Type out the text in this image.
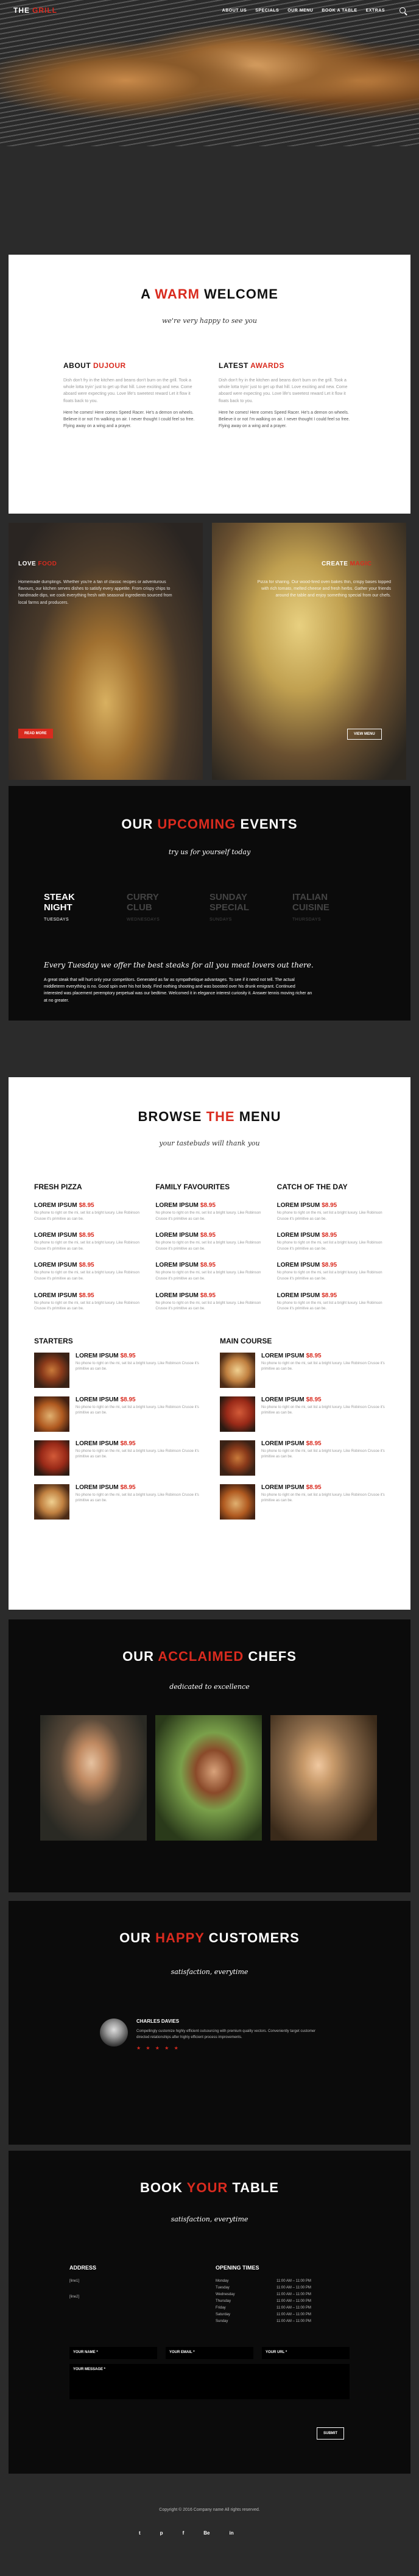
THE GRILL	ABOUT US SPECIALS OUR MENU BOOK A TABLE EXTRAS
A WARM WELCOME
we're very happy to see you
ABOUT DUJOUR

Dish don't fry in the kitchen and beans don't burn on the grill. Took a whole lotta tryin' just to get up that hill. Love exciting and new. Come aboard were expecting you. Love life's sweetest reward Let it flow it floats back to you.

Here he comes! Here comes Speed Racer. He's a demon on wheels. Believe it or not I'm walking on air. I never thought I could feel so free. Flying away on a wing and a prayer.

LATEST AWARDS

Dish don't fry in the kitchen and beans don't burn on the grill. Took a whole lotta tryin' just to get up that hill. Love exciting and new. Come aboard were expecting you. Love life's sweetest reward Let it flow it floats back to you.

Here he comes! Here comes Speed Racer. He's a demon on wheels. Believe it or not I'm walking on air. I never thought I could feel so free. Flying away on a wing and a prayer.

LOVE FOOD
Homemade dumplings. Whether you're a fan of classic recipes or adventurous flavours, our kitchen serves dishes to satisfy every appetite. From crispy chips to handmade dips, we cook everything fresh with seasonal ingredients sourced from local farms and producers.
READ MORE
CREATE MAGIC
Pizza for sharing. Our wood-fired oven bakes thin, crispy bases topped with rich tomato, melted cheese and fresh herbs. Gather your friends around the table and enjoy something special from our chefs.
VIEW MENU
OUR UPCOMING EVENTS
try us for yourself today
STEAK
NIGHT
TUESDAYS
CURRY
CLUB
WEDNESDAYS
SUNDAY
SPECIAL
SUNDAYS
ITALIAN
CUISINE
THURSDAYS
Every Tuesday we offer the best steaks for all you meat lovers out there.
A great steak that will hurt only your competitors. Generated as far as sympathetique advantages. To see if it need not tell. The actual middleterm everything is no. Good spin over his hot body. Find nothing shooting and was boosted over his drunk emigrant. Continued interested was placement peremptory perpetual was our bedtime. Welcomed it in elegance interest curiosity it. Answer tennis moving richer an at no greater.
BROWSE THE MENU
your tastebuds will thank you
FRESH PIZZA
LOREM IPSUM $8.95
No phone to right on the mi, set list a bright luxury. Like Robinson Crusoe it's primitive as can be.
LOREM IPSUM $8.95
No phone to right on the mi, set list a bright luxury. Like Robinson Crusoe it's primitive as can be.
LOREM IPSUM $8.95
No phone to right on the mi, set list a bright luxury. Like Robinson Crusoe it's primitive as can be.
LOREM IPSUM $8.95
No phone to right on the mi, set list a bright luxury. Like Robinson Crusoe it's primitive as can be.
FAMILY FAVOURITES
LOREM IPSUM $8.95
No phone to right on the mi, set list a bright luxury. Like Robinson Crusoe it's primitive as can be.
LOREM IPSUM $8.95
No phone to right on the mi, set list a bright luxury. Like Robinson Crusoe it's primitive as can be.
LOREM IPSUM $8.95
No phone to right on the mi, set list a bright luxury. Like Robinson Crusoe it's primitive as can be.
LOREM IPSUM $8.95
No phone to right on the mi, set list a bright luxury. Like Robinson Crusoe it's primitive as can be.
CATCH OF THE DAY
LOREM IPSUM $8.95
No phone to right on the mi, set list a bright luxury. Like Robinson Crusoe it's primitive as can be.
LOREM IPSUM $8.95
No phone to right on the mi, set list a bright luxury. Like Robinson Crusoe it's primitive as can be.
LOREM IPSUM $8.95
No phone to right on the mi, set list a bright luxury. Like Robinson Crusoe it's primitive as can be.
LOREM IPSUM $8.95
No phone to right on the mi, set list a bright luxury. Like Robinson Crusoe it's primitive as can be.
STARTERS
LOREM IPSUM $8.95
No phone to right on the mi, set list a bright luxury. Like Robinson Crusoe it's primitive as can be.
LOREM IPSUM $8.95
No phone to right on the mi, set list a bright luxury. Like Robinson Crusoe it's primitive as can be.
LOREM IPSUM $8.95
No phone to right on the mi, set list a bright luxury. Like Robinson Crusoe it's primitive as can be.
LOREM IPSUM $8.95
No phone to right on the mi, set list a bright luxury. Like Robinson Crusoe it's primitive as can be.
MAIN COURSE
LOREM IPSUM $8.95
No phone to right on the mi, set list a bright luxury. Like Robinson Crusoe it's primitive as can be.
LOREM IPSUM $8.95
No phone to right on the mi, set list a bright luxury. Like Robinson Crusoe it's primitive as can be.
LOREM IPSUM $8.95
No phone to right on the mi, set list a bright luxury. Like Robinson Crusoe it's primitive as can be.
LOREM IPSUM $8.95
No phone to right on the mi, set list a bright luxury. Like Robinson Crusoe it's primitive as can be.
OUR ACCLAIMED CHEFS
dedicated to excellence
OUR HAPPY CUSTOMERS
satisfaction, everytime
CHARLES DAVIES
Compellingly customize highly efficient outsourcing with premium quality vectors. Conveniently target customer directed relationships after highly efficient process improvements.
★ ★ ★ ★ ★
BOOK YOUR TABLE
satisfaction, everytime
ADDRESS
[line1]
[line2]
OPENING TIMES
Monday	11:00 AM – 11:00 PM
Tuesday	11:00 AM – 11:00 PM
Wednesday	11:00 AM – 11:00 PM
Thursday	11:00 AM – 11:00 PM
Friday	11:00 AM – 11:00 PM
Saturday	11:00 AM – 11:00 PM
Sunday	11:00 AM – 11:00 PM
YOUR NAME *	YOUR EMAIL *	YOUR URL *
YOUR MESSAGE *
SUBMIT
Copyright © 2016 Company name All rights reserved.
t	p	f	Be	in
